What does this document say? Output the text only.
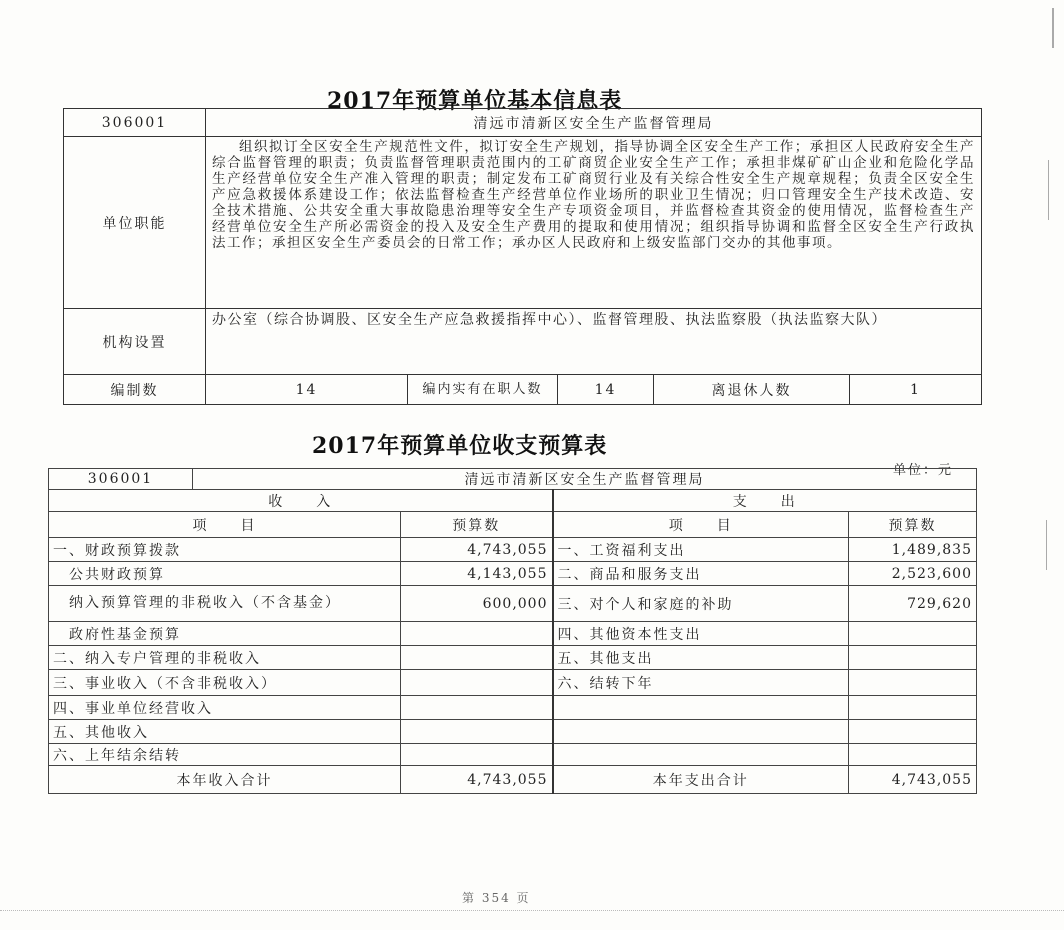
2017年预算单位基本信息表
306001	清远市清新区安全生产监督管理局				
单位职能	组织拟订全区安全生产规范性文件，拟订安全生产规划，指导协调全区安全生产工作；承担区人民政府安全生产综合监督管理的职责；负责监督管理职责范围内的工矿商贸企业安全生产工作；承担非煤矿矿山企业和危险化学品生产经营单位安全生产准入管理的职责；制定发布工矿商贸行业及有关综合性安全生产规章规程；负责全区安全生产应急救援体系建设工作；依法监督检查生产经营单位作业场所的职业卫生情况；归口管理安全生产技术改造、安全技术措施、公共安全重大事故隐患治理等安全生产专项资金项目，并监督检查其资金的使用情况，监督检查生产经营单位安全生产所必需资金的投入及安全生产费用的提取和使用情况；组织指导协调和监督全区安全生产行政执法工作；承担区安全生产委员会的日常工作；承办区人民政府和上级安监部门交办的其他事项。				
机构设置	办公室（综合协调股、区安全生产应急救援指挥中心）、监督管理股、执法监察股（执法监察大队）				
编制数	14	编内实有在职人数	14	离退休人数	1
2017年预算单位收支预算表
单位：元
306001	清远市清新区安全生产监督管理局			
收　　入			支　　出	
项　　目		预算数	项　　目	预算数
一、财政预算拨款		4,743,055	一、工资福利支出	1,489,835
　公共财政预算		4,143,055	二、商品和服务支出	2,523,600
　纳入预算管理的非税收入（不含基金）		600,000	三、对个人和家庭的补助	729,620
　政府性基金预算			四、其他资本性支出	
二、纳入专户管理的非税收入			五、其他支出	
三、事业收入（不含非税收入）			六、结转下年	
四、事业单位经营收入				
五、其他收入				
六、上年结余结转				
本年收入合计		4,743,055	本年支出合计	4,743,055
第 354 页
